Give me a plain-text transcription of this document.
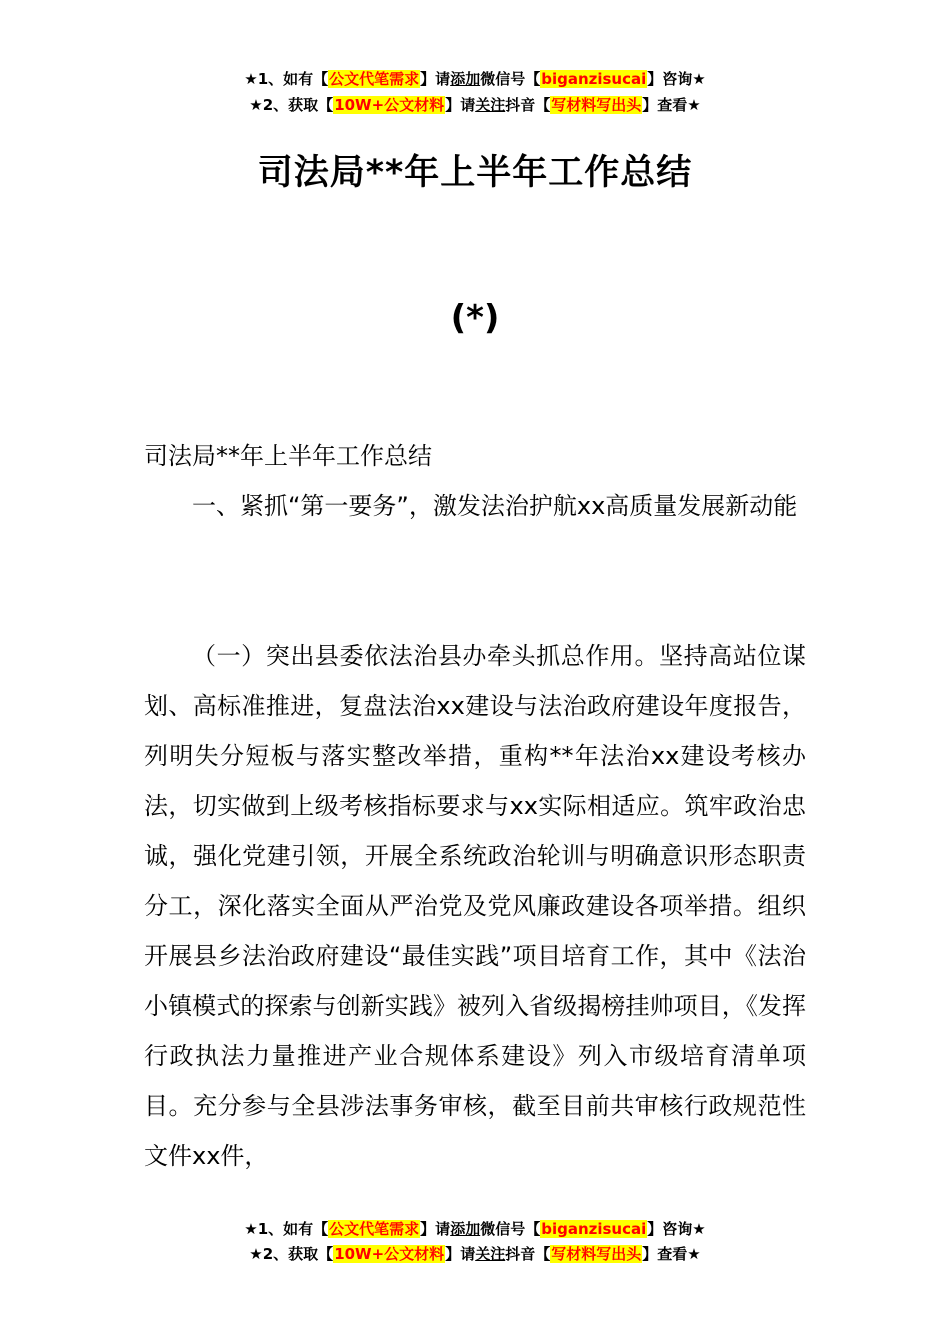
★1、如有【公文代笔需求】请添加微信号【biganzisucai】咨询★
★2、获取【10W+公文材料】请关注抖音【写材料写出头】查看★
司法局**年上半年工作总结
(*)

司法局**年上半年工作总结

一、紧抓“第一要务”，激发法治护航xx高质量发展新动能

（一）突出县委依法治县办牵头抓总作用。坚持高站位谋划、高标准推进，复盘法治xx建设与法治政府建设年度报告，列明失分短板与落实整改举措，重构**年法治xx建设考核办法，切实做到上级考核指标要求与xx实际相适应。筑牢政治忠诚，强化党建引领，开展全系统政治轮训与明确意识形态职责分工，深化落实全面从严治党及党风廉政建设各项举措。组织开展县乡法治政府建设“最佳实践”项目培育工作，其中《法治小镇模式的探索与创新实践》被列入省级揭榜挂帅项目，《发挥行政执法力量推进产业合规体系建设》列入市级培育清单项目。充分参与全县涉法事务审核，截至目前共审核行政规范性文件xx件，

★1、如有【公文代笔需求】请添加微信号【biganzisucai】咨询★
★2、获取【10W+公文材料】请关注抖音【写材料写出头】查看★
